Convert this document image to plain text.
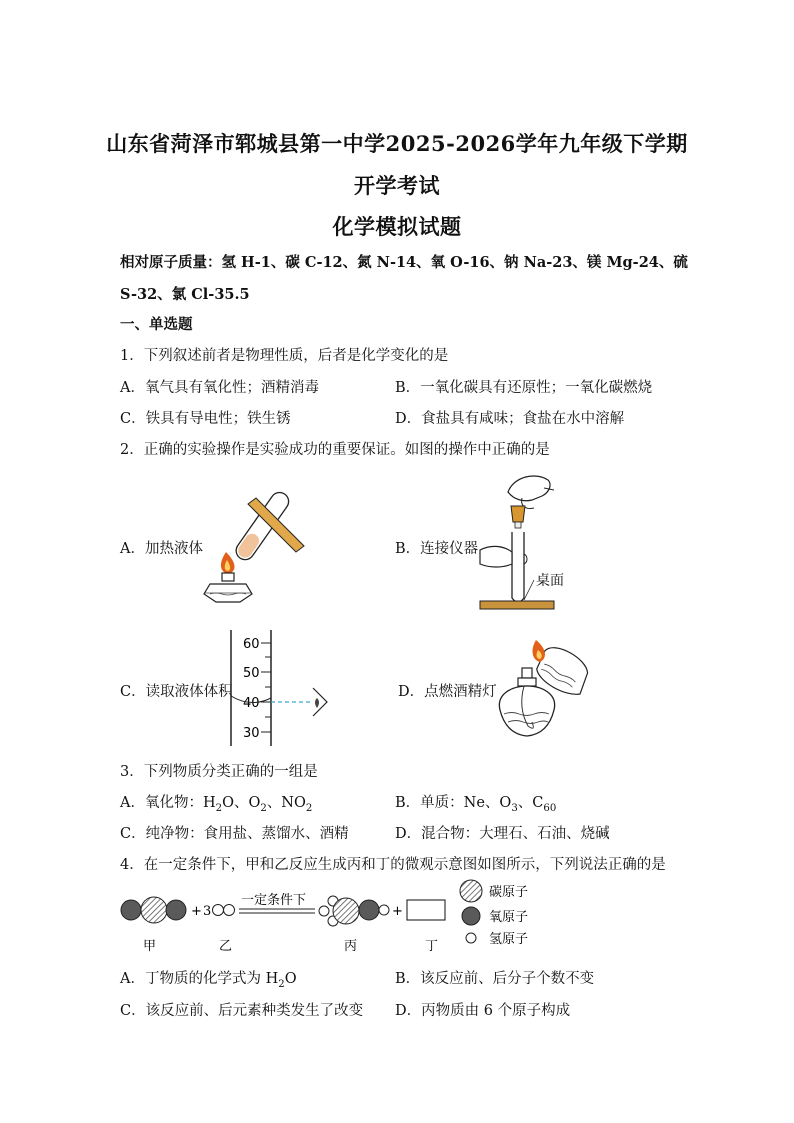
山东省菏泽市郓城县第一中学2025-2026学年九年级下学期
开学考试
化学模拟试题
相对原子质量：氢 H-1、碳 C-12、氮 N-14、氧 O-16、钠 Na-23、镁 Mg-24、硫
S-32、氯 Cl-35.5
一、单选题
1．下列叙述前者是物理性质，后者是化学变化的是
A．氧气具有氧化性；酒精消毒	B．一氧化碳具有还原性；一氧化碳燃烧
C．铁具有导电性；铁生锈	D．食盐具有咸味；食盐在水中溶解
2．正确的实验操作是实验成功的重要保证。如图的操作中正确的是
A．加热液体	B．连接仪器
桌面
C．读取液体体积
60
50
40
30
D．点燃酒精灯
3．下列物质分类正确的一组是
A．氧化物：$H_2O$、$O_2$、$NO_2$	B．单质：Ne、$O_3$、$C_{60}$
C．纯净物：食用盐、蒸馏水、酒精	D．混合物：大理石、石油、烧碱
4．在一定条件下，甲和乙反应生成丙和丁的微观示意图如图所示，下列说法正确的是
甲
+ 3
乙
一定条件下
丙
+
丁
碳原子
氧原子
氢原子
A．丁物质的化学式为 $H_2O$	B．该反应前、后分子个数不变
C．该反应前、后元素种类发生了改变 D．丙物质由 6 个原子构成
